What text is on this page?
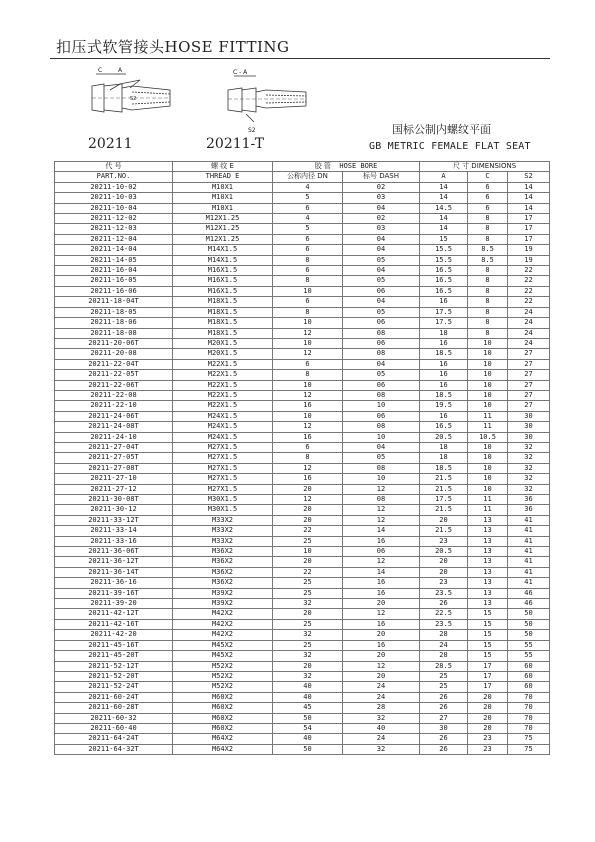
扣压式软管接头HOSE FITTING
C	A
S2
C - A
S2
20211	20211-T
国标公制内螺纹平面
GB METRIC FEMALE FLAT SEAT
代 号	螺 纹 E	胶 管 HOSE BORE		尺 寸 DIMENSIONS		
PART.NO.	THREAD E	公称内径 DN	标号 DASH	A	C	S2
20211-10-02	M10X1	4	02	14	6	14
20211-10-03	M10X1	5	03	14	6	14
20211-10-04	M10X1	6	04	14.5	6	14
20211-12-02	M12X1.25	4	02	14	8	17
20211-12-03	M12X1.25	5	03	14	8	17
20211-12-04	M12X1.25	6	04	15	8	17
20211-14-04	M14X1.5	6	04	15.5	8.5	19
20211-14-05	M14X1.5	8	05	15.5	8.5	19
20211-16-04	M16X1.5	6	04	16.5	8	22
20211-16-05	M16X1.5	8	05	16.5	8	22
20211-16-06	M16X1.5	10	06	16.5	8	22
20211-18-04T	M18X1.5	6	04	16	8	22
20211-18-05	M18X1.5	8	05	17.5	8	24
20211-18-06	M18X1.5	10	06	17.5	8	24
20211-18-08	M18X1.5	12	08	18	8	24
20211-20-06T	M20X1.5	10	06	16	10	24
20211-20-08	M20X1.5	12	08	18.5	10	27
20211-22-04T	M22X1.5	6	04	16	10	27
20211-22-05T	M22X1.5	8	05	16	10	27
20211-22-06T	M22X1.5	10	06	16	10	27
20211-22-08	M22X1.5	12	08	18.5	10	27
20211-22-10	M22X1.5	16	10	19.5	10	27
20211-24-06T	M24X1.5	10	06	16	11	30
20211-24-08T	M24X1.5	12	08	16.5	11	30
20211-24-10	M24X1.5	16	10	20.5	10.5	30
20211-27-04T	M27X1.5	6	04	18	10	32
20211-27-05T	M27X1.5	8	05	18	10	32
20211-27-08T	M27X1.5	12	08	18.5	10	32
20211-27-10	M27X1.5	16	10	21.5	10	32
20211-27-12	M27X1.5	20	12	21.5	10	32
20211-30-08T	M30X1.5	12	08	17.5	11	36
20211-30-12	M30X1.5	20	12	21.5	11	36
20211-33-12T	M33X2	20	12	20	13	41
20211-33-14	M33X2	22	14	21.5	13	41
20211-33-16	M33X2	25	16	23	13	41
20211-36-06T	M36X2	10	06	20.5	13	41
20211-36-12T	M36X2	20	12	20	13	41
20211-36-14T	M36X2	22	14	20	13	41
20211-36-16	M36X2	25	16	23	13	41
20211-39-16T	M39X2	25	16	23.5	13	46
20211-39-20	M39X2	32	20	26	13	46
20211-42-12T	M42X2	20	12	22.5	15	50
20211-42-16T	M42X2	25	16	23.5	15	50
20211-42-20	M42X2	32	20	28	15	50
20211-45-16T	M45X2	25	16	24	15	55
20211-45-20T	M45X2	32	20	28	15	55
20211-52-12T	M52X2	20	12	28.5	17	60
20211-52-20T	M52X2	32	20	25	17	60
20211-52-24T	M52X2	40	24	25	17	60
20211-60-24T	M60X2	40	24	26	20	70
20211-60-28T	M60X2	45	28	26	20	70
20211-60-32	M60X2	50	32	27	20	70
20211-60-40	M60X2	54	40	30	20	70
20211-64-24T	M64X2	40	24	26	23	75
20211-64-32T	M64X2	50	32	26	23	75
